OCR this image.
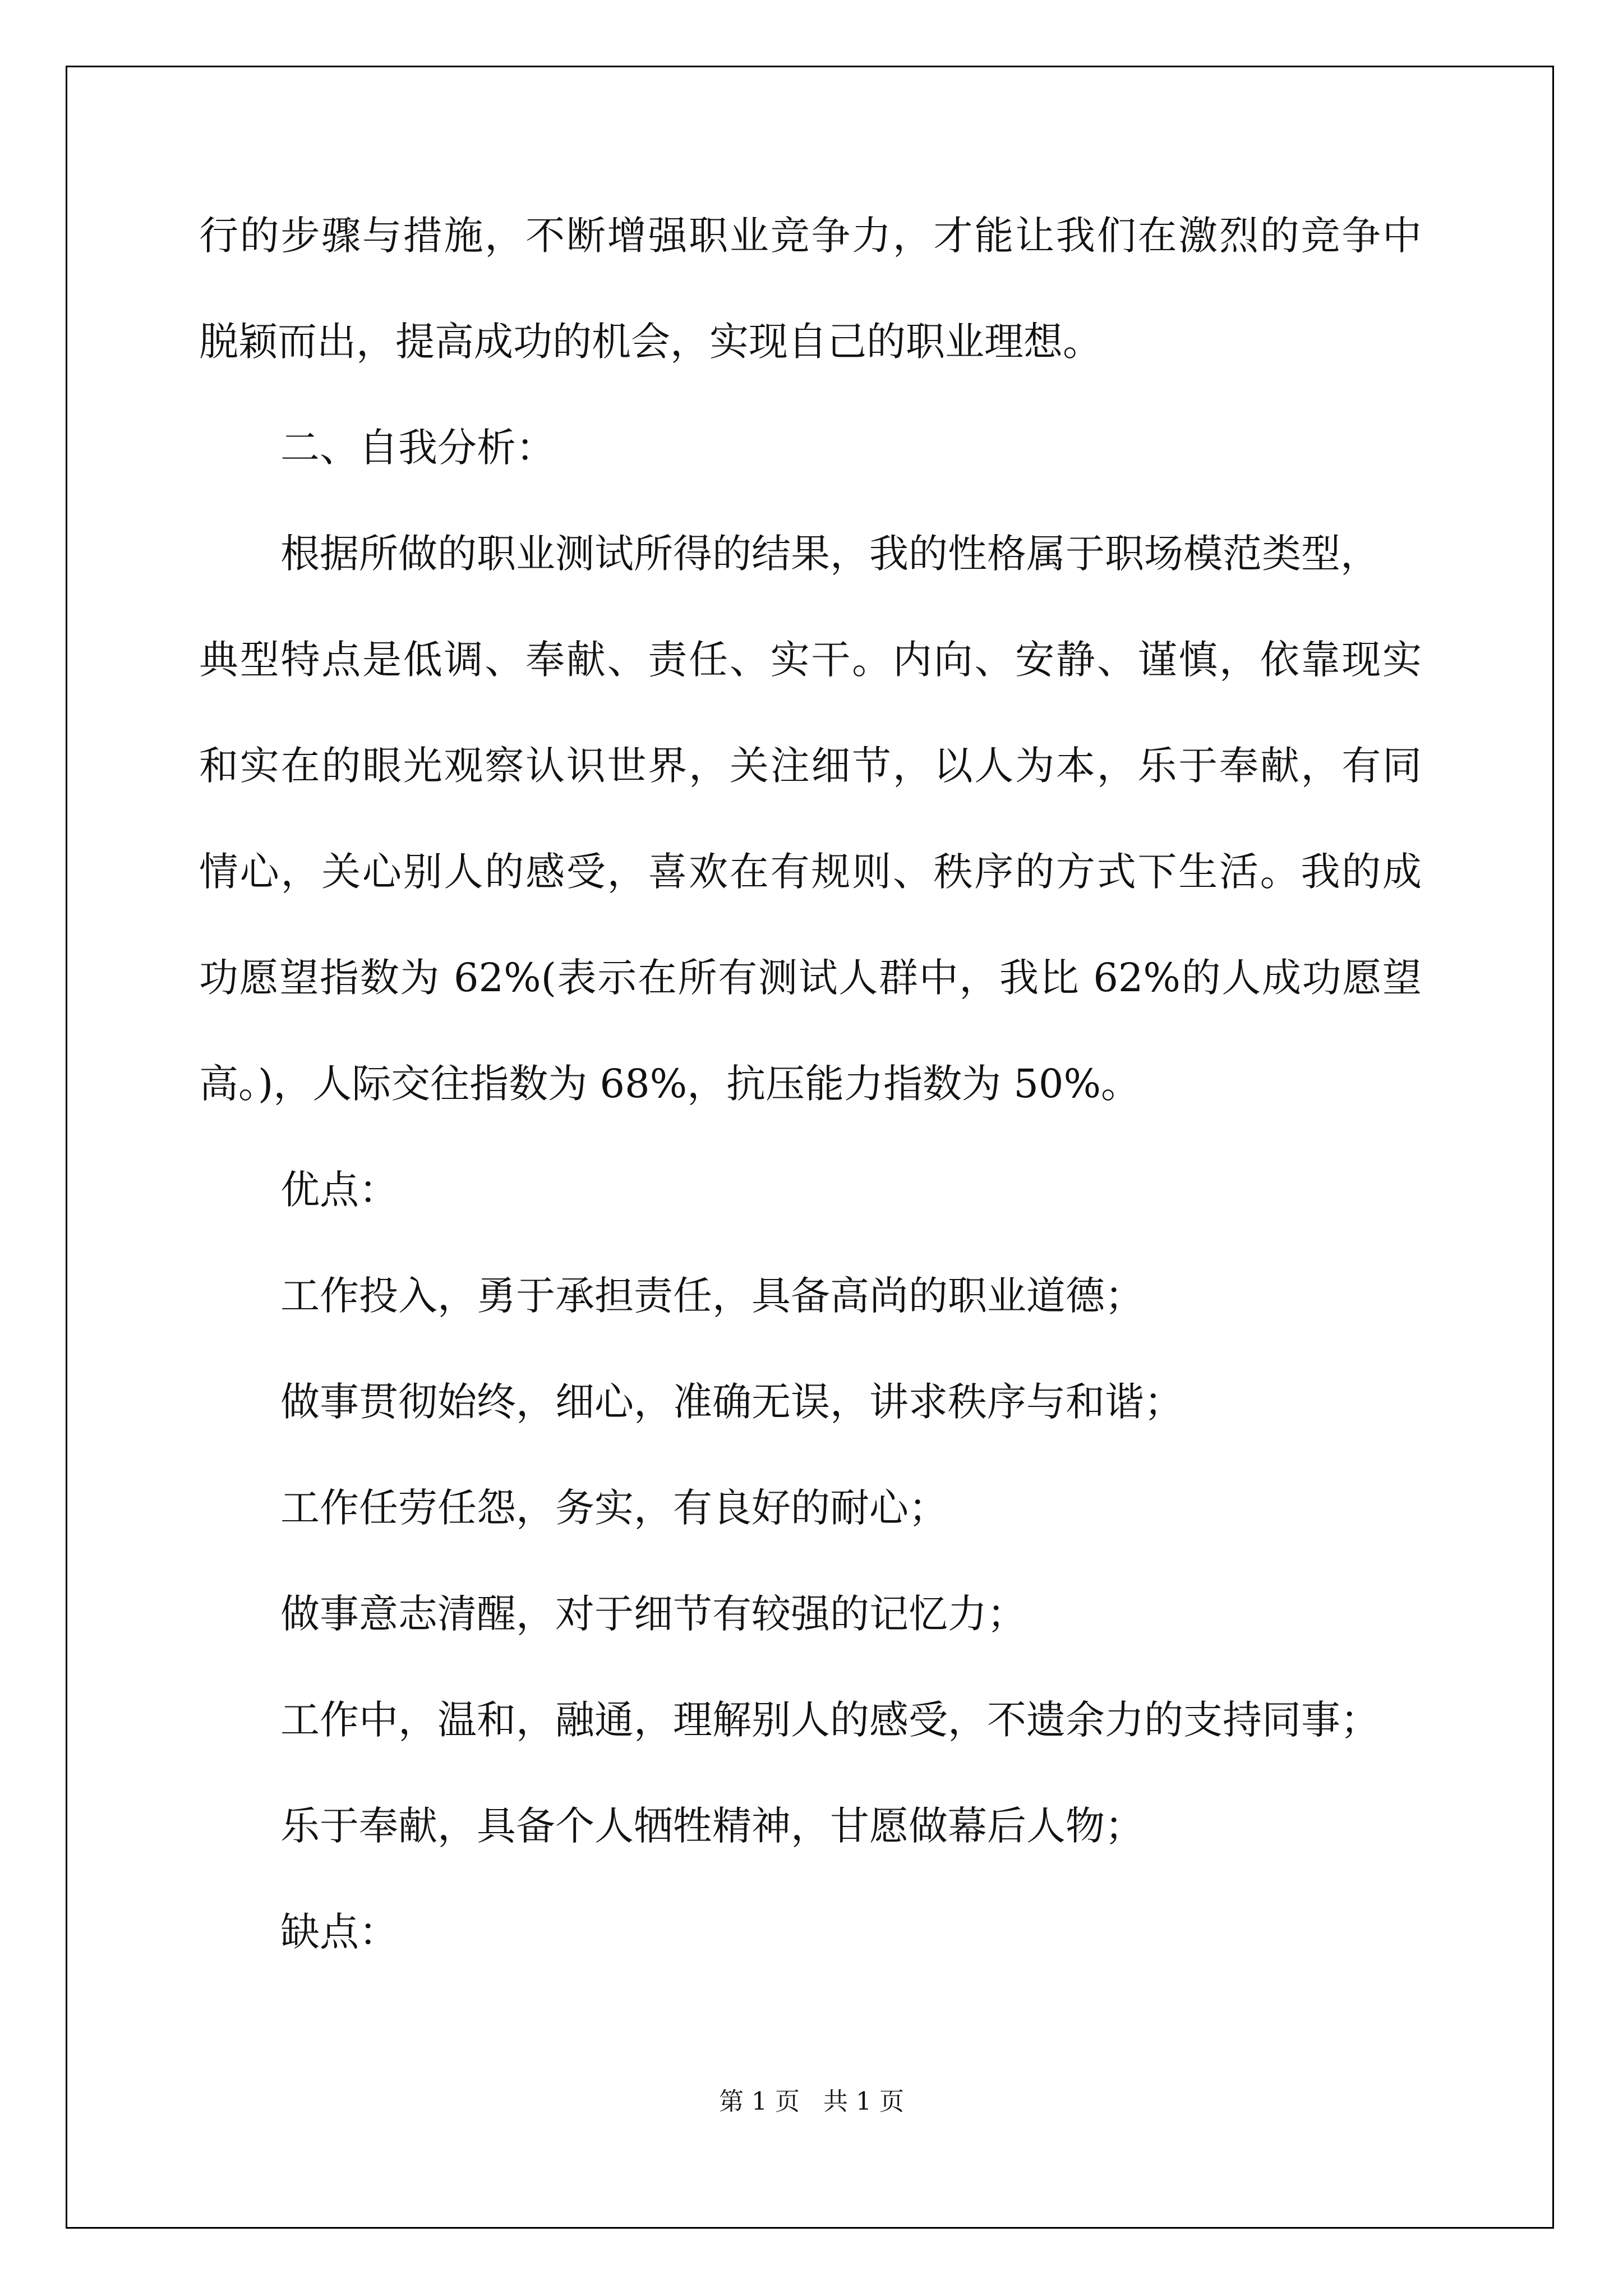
行的步骤与措施，不断增强职业竞争力，才能让我们在激烈的竞争中
脱颖而出，提高成功的机会，实现自己的职业理想。
二、自我分析：
根据所做的职业测试所得的结果，我的性格属于职场模范类型，
典型特点是低调、奉献、责任、实干。内向、安静、谨慎，依靠现实
和实在的眼光观察认识世界，关注细节，以人为本，乐于奉献，有同
情心，关心别人的感受，喜欢在有规则、秩序的方式下生活。我的成
功愿望指数为 62%(表示在所有测试人群中，我比 62%的人成功愿望
高。)，人际交往指数为 68%，抗压能力指数为 50%。
优点：
工作投入，勇于承担责任，具备高尚的职业道德；
做事贯彻始终，细心，准确无误，讲求秩序与和谐；
工作任劳任怨，务实，有良好的耐心；
做事意志清醒，对于细节有较强的记忆力；
工作中，温和，融通，理解别人的感受，不遗余力的支持同事；
乐于奉献，具备个人牺牲精神，甘愿做幕后人物；
缺点：
第 1 页   共 1 页
